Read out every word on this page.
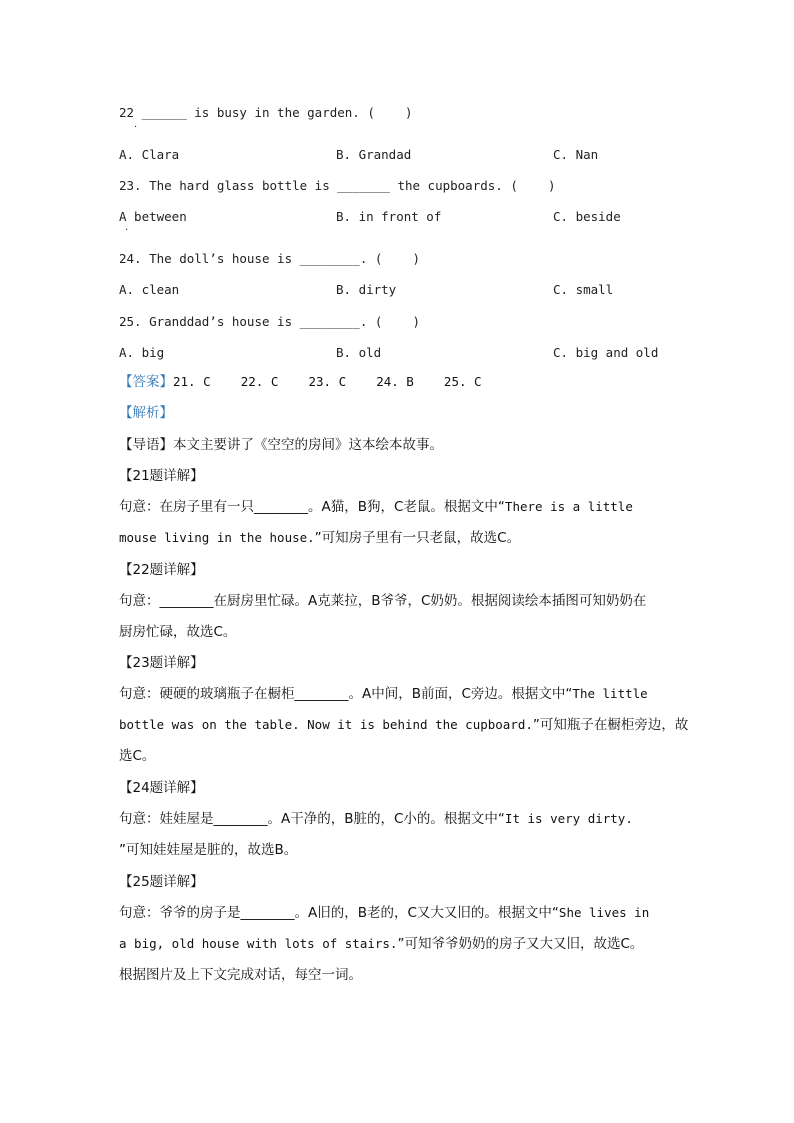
22 ______ is busy in the garden. (    )
·
A. Clara	B. Grandad	C. Nan
23. The hard glass bottle is _______ the cupboards. (    )
A between
·
B. in front of	C. beside
24. The doll’s house is ________. (    )
A. clean	B. dirty	C. small
25. Granddad’s house is ________. (    )
A. big	B. old	C. big and old
【答案】21. C    22. C    23. C    24. B    25. C
【解析】
【导语】本文主要讲了《空空的房间》这本绘本故事。
【21题详解】
句意：在房子里有一只________。A猫，B狗，C老鼠。根据文中“There is a little
mouse living in the house.”可知房子里有一只老鼠，故选C。
【22题详解】
句意：________在厨房里忙碌。A克莱拉，B爷爷，C奶奶。根据阅读绘本插图可知奶奶在
厨房忙碌，故选C。
【23题详解】
句意：硬硬的玻璃瓶子在橱柜________。A中间，B前面，C旁边。根据文中“The little
bottle was on the table. Now it is behind the cupboard.”可知瓶子在橱柜旁边，故
选C。
【24题详解】
句意：娃娃屋是________。A干净的，B脏的，C小的。根据文中“It is very dirty.
”可知娃娃屋是脏的，故选B。
【25题详解】
句意：爷爷的房子是________。A旧的，B老的，C又大又旧的。根据文中“She lives in
a big, old house with lots of stairs.”可知爷爷奶奶的房子又大又旧，故选C。
根据图片及上下文完成对话，每空一词。
